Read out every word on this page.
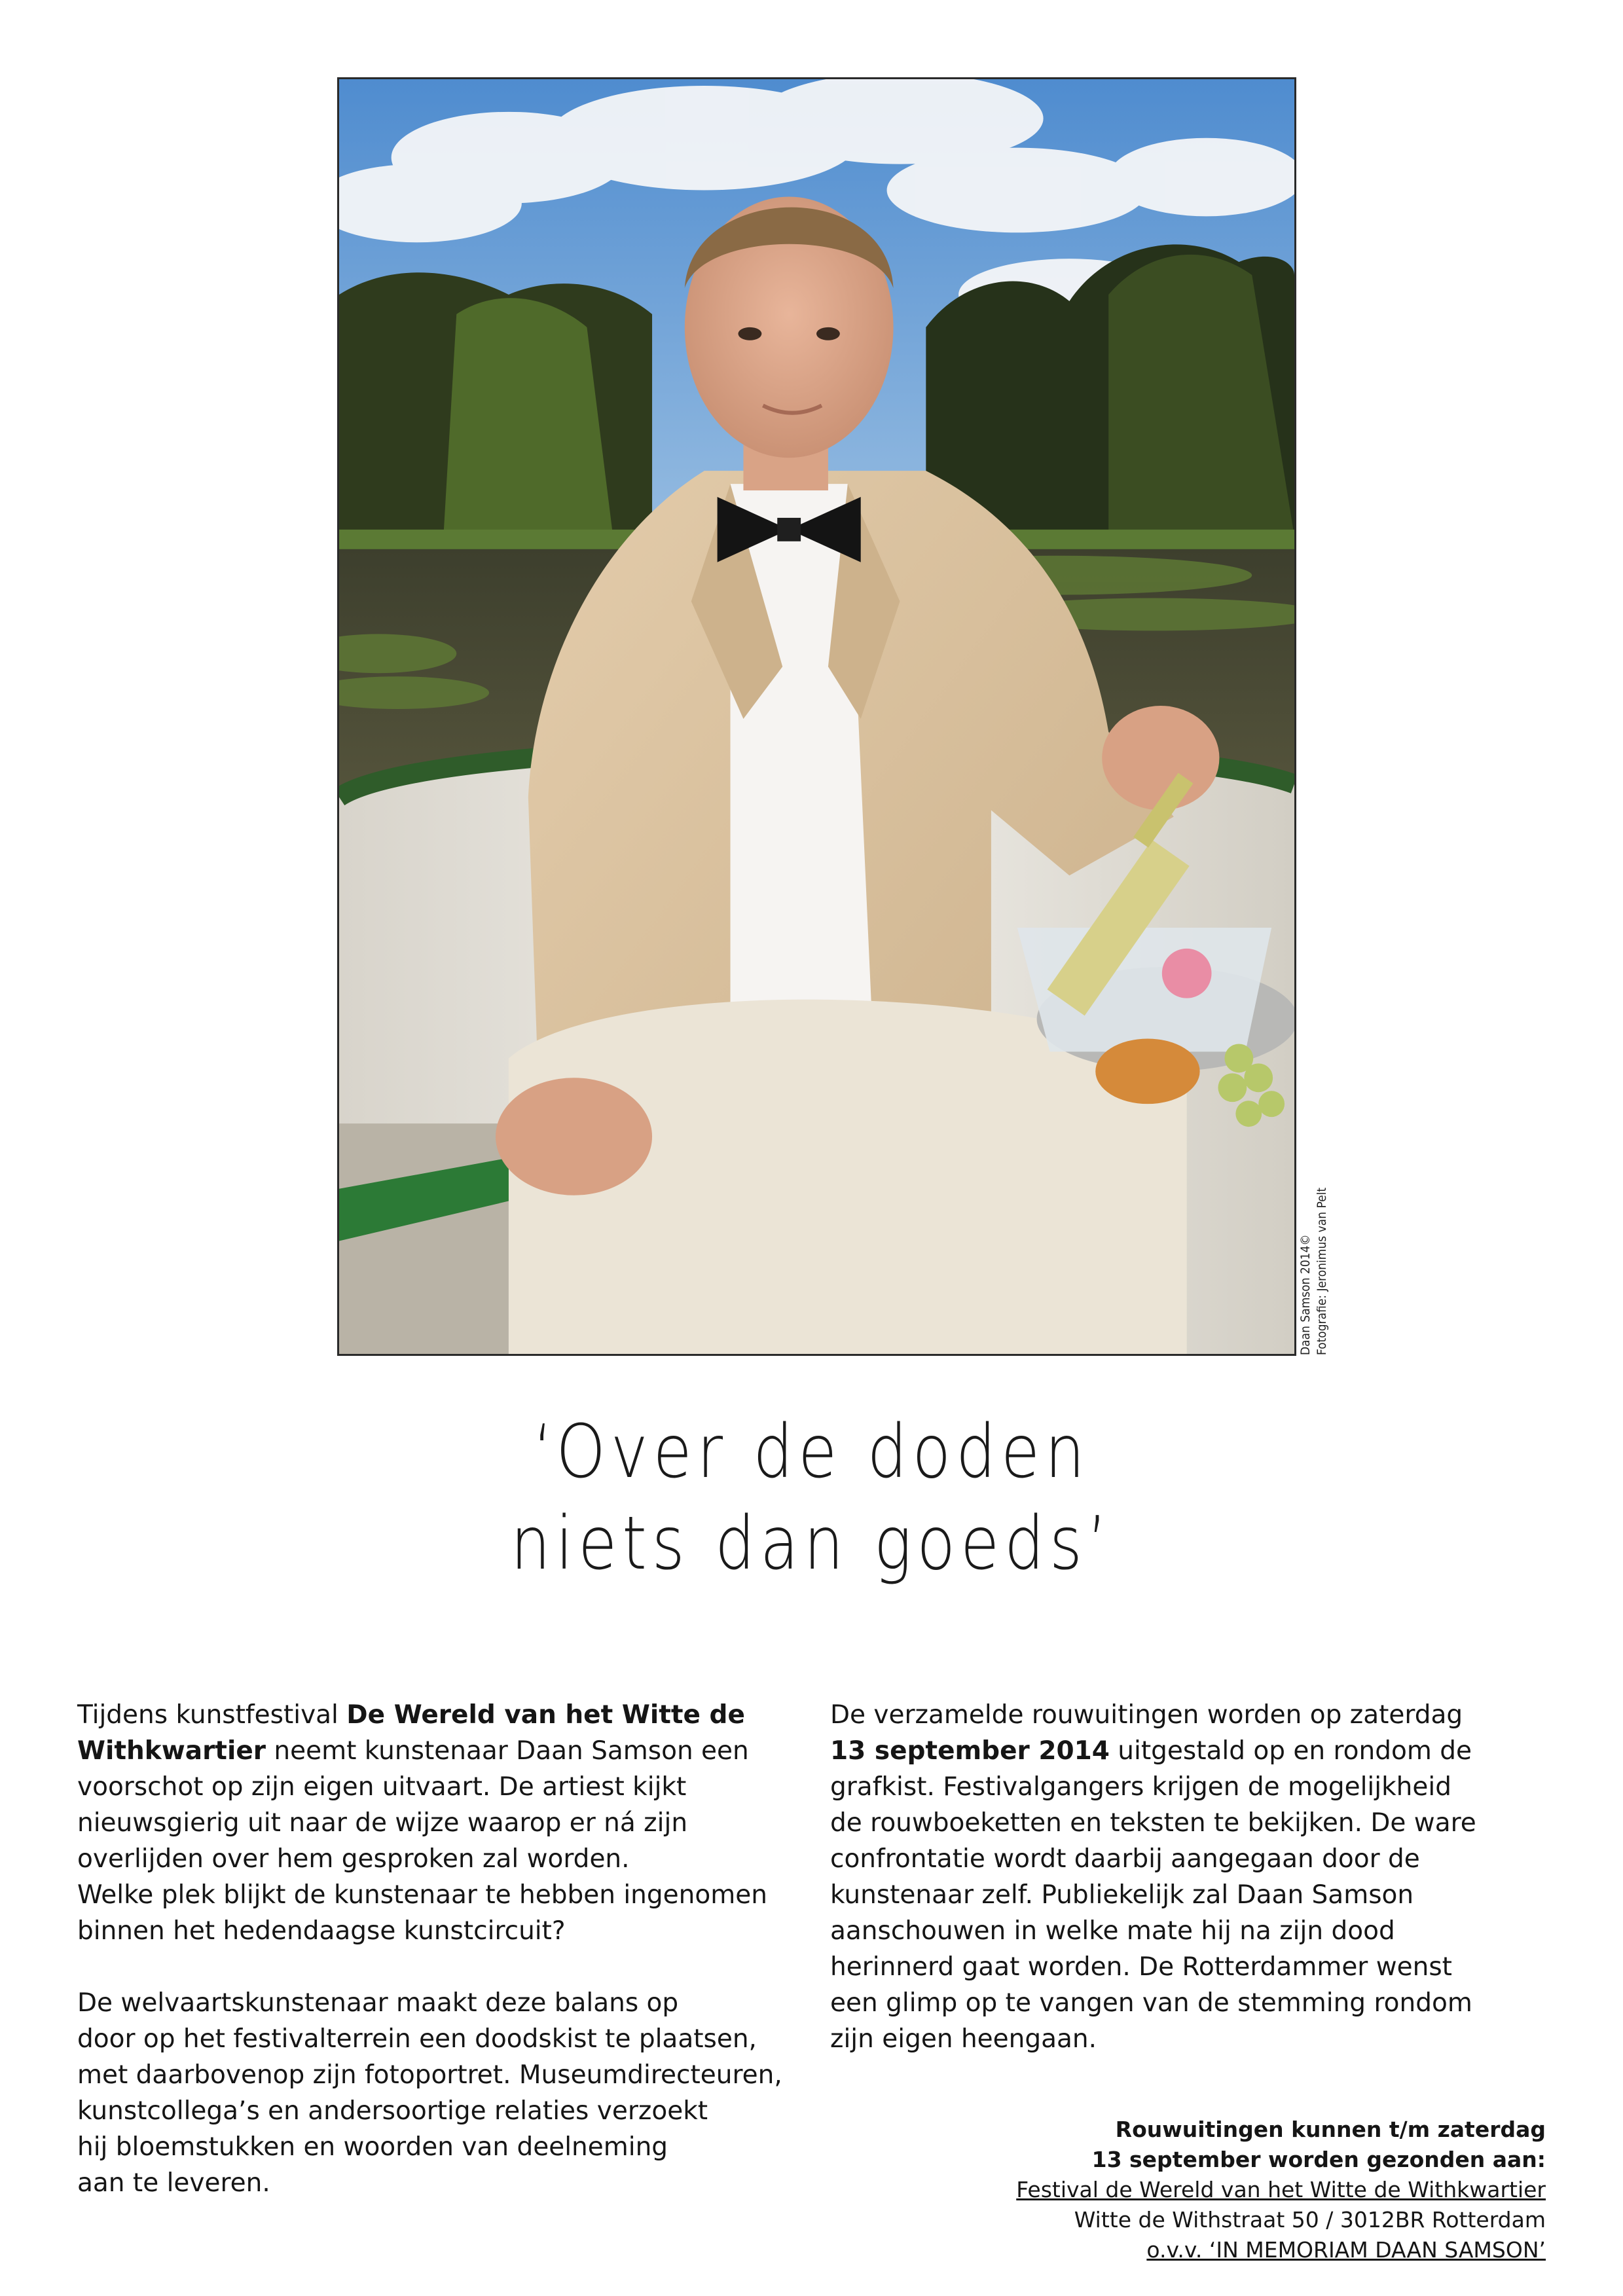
Daan Samson 2014© Fotografie: Jeronimus van Pelt
‘Over de doden
niets dan goeds’

Tijdens kunstfestival De Wereld van het Witte de
Withkwartier neemt kunstenaar Daan Samson een
voorschot op zijn eigen uitvaart. De artiest kijkt
nieuwsgierig uit naar de wijze waarop er ná zijn
overlijden over hem gesproken zal worden.
Welke plek blijkt de kunstenaar te hebben ingenomen
binnen het hedendaagse kunstcircuit?

De welvaartskunstenaar maakt deze balans op
door op het festivalterrein een doodskist te plaatsen,
met daarbovenop zijn fotoportret. Museumdirecteuren,
kunstcollega’s en andersoortige relaties verzoekt
hij bloemstukken en woorden van deelneming
aan te leveren.

De verzamelde rouwuitingen worden op zaterdag
13 september 2014 uitgestald op en rondom de
grafkist. Festivalgangers krijgen de mogelijkheid
de rouwboeketten en teksten te bekijken. De ware
confrontatie wordt daarbij aangegaan door de
kunstenaar zelf. Publiekelijk zal Daan Samson
aanschouwen in welke mate hij na zijn dood
herinnerd gaat worden. De Rotterdammer wenst
een glimp op te vangen van de stemming rondom
zijn eigen heengaan.

Rouwuitingen kunnen t/m zaterdag
13 september worden gezonden aan:
Festival de Wereld van het Witte de Withkwartier
Witte de Withstraat 50 / 3012BR Rotterdam
o.v.v. ‘IN MEMORIAM DAAN SAMSON’
